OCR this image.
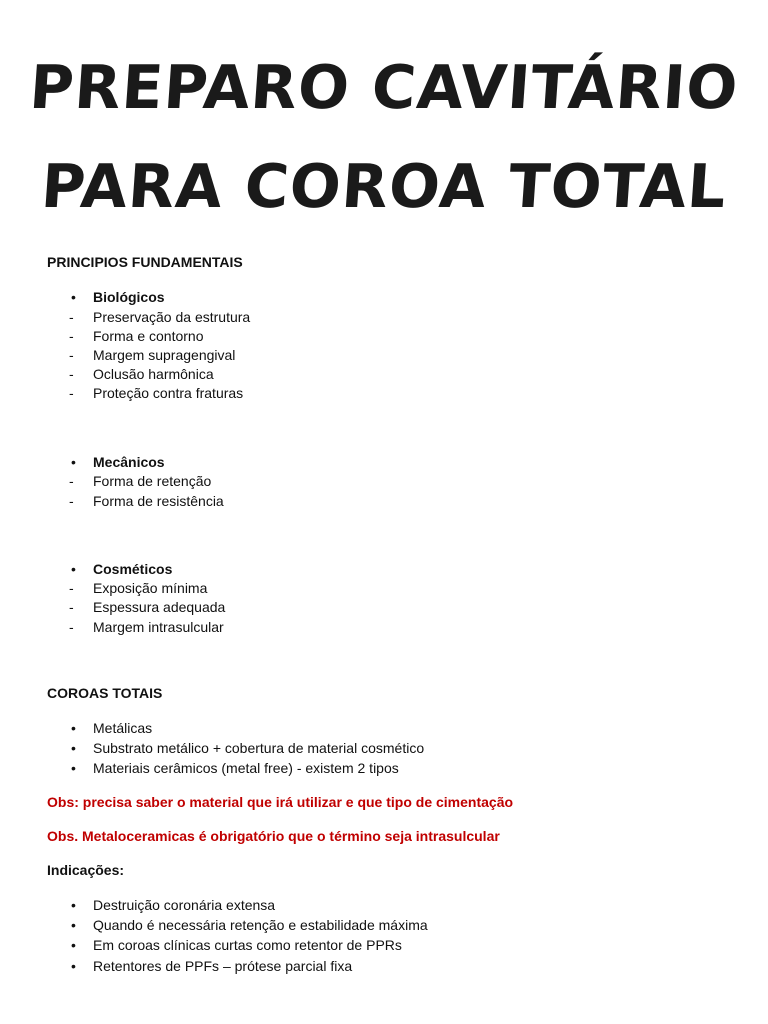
PREPARO CAVITÁRIO
PARA COROA TOTAL
PRINCIPIOS FUNDAMENTAIS
• Biológicos
- Preservação da estrutura
- Forma e contorno
- Margem supragengival
- Oclusão harmônica
- Proteção contra fraturas
• Mecânicos
- Forma de retenção
- Forma de resistência
• Cosméticos
- Exposição mínima
- Espessura adequada
- Margem intrasulcular
COROAS TOTAIS
• Metálicas
• Substrato metálico + cobertura de material cosmético
• Materiais cerâmicos (metal free) - existem 2 tipos
Obs: precisa saber o material que irá utilizar e que tipo de cimentação
Obs. Metaloceramicas é obrigatório que o término seja intrasulcular
Indicações:
• Destruição coronária extensa
• Quando é necessária retenção e estabilidade máxima
• Em coroas clínicas curtas como retentor de PPRs
• Retentores de PPFs – prótese parcial fixa
